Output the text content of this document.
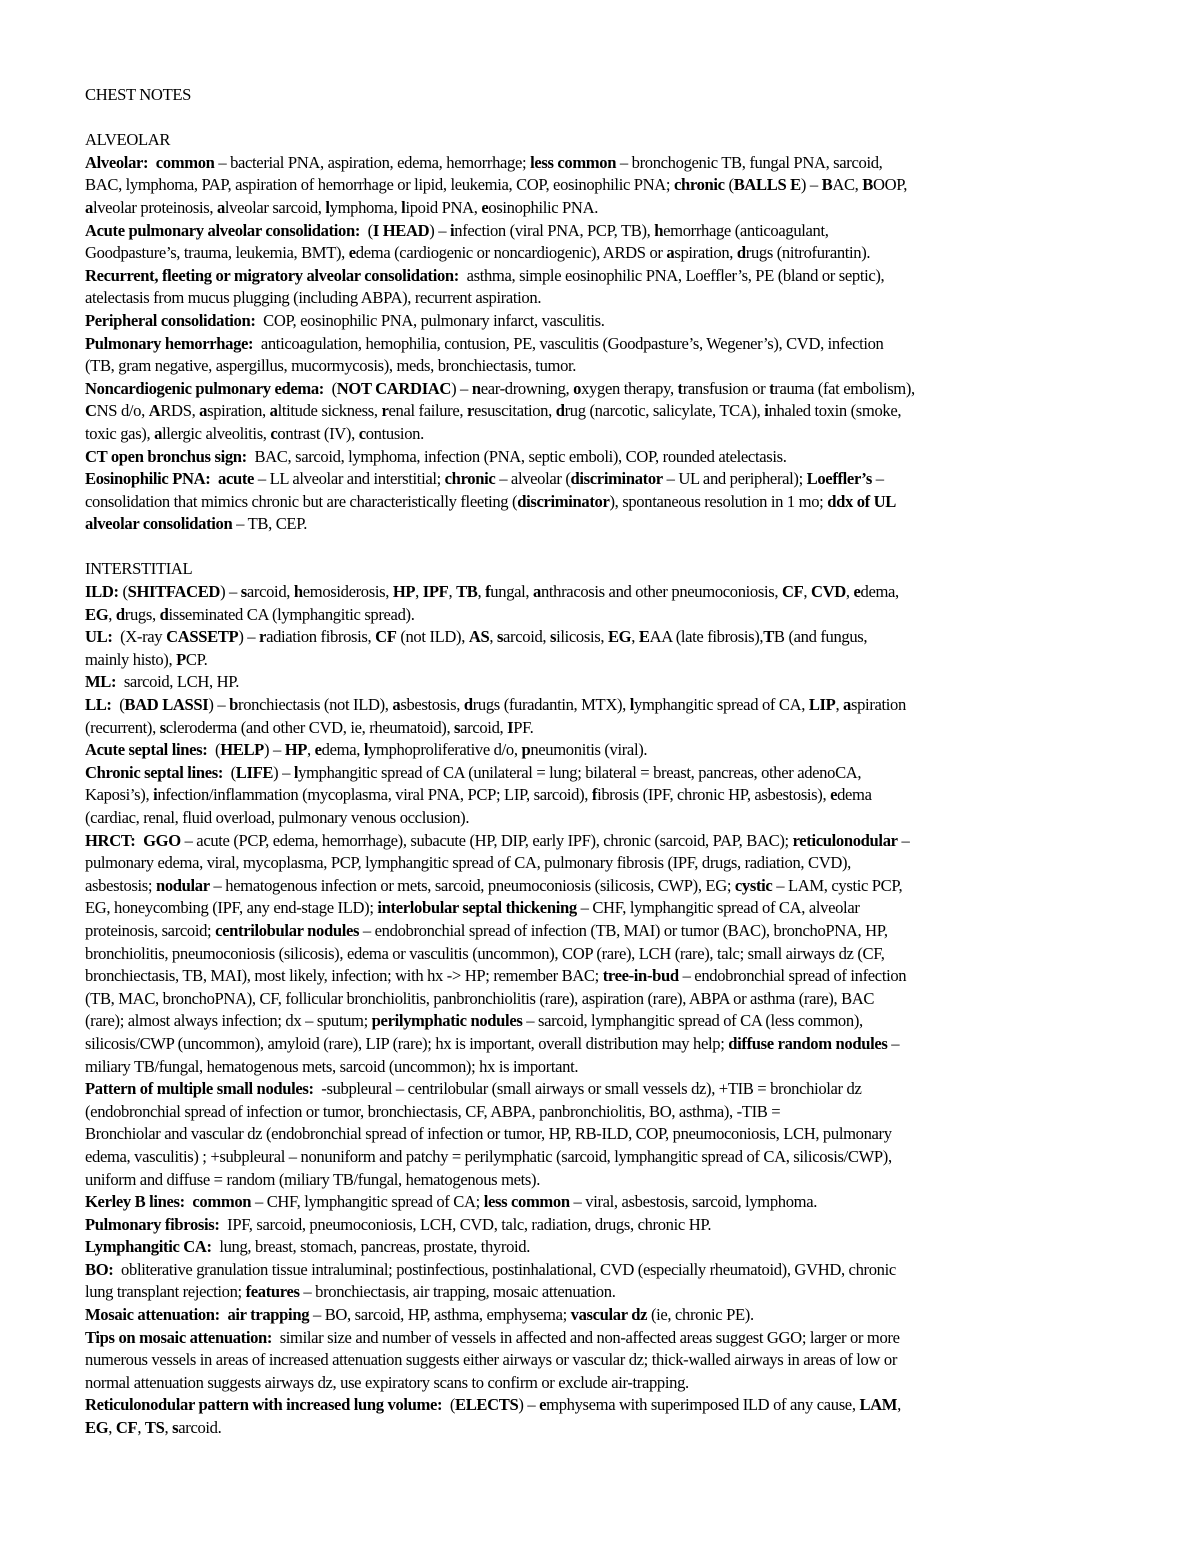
CHEST NOTES
ALVEOLAR
Alveolar:  common – bacterial PNA, aspiration, edema, hemorrhage; less common – bronchogenic TB, fungal PNA, sarcoid,
BAC, lymphoma, PAP, aspiration of hemorrhage or lipid, leukemia, COP, eosinophilic PNA; chronic (BALLS E) – BAC, BOOP,
alveolar proteinosis, alveolar sarcoid, lymphoma, lipoid PNA, eosinophilic PNA.
Acute pulmonary alveolar consolidation:  (I HEAD) – infection (viral PNA, PCP, TB), hemorrhage (anticoagulant,
Goodpasture’s, trauma, leukemia, BMT), edema (cardiogenic or noncardiogenic), ARDS or aspiration, drugs (nitrofurantin).
Recurrent, fleeting or migratory alveolar consolidation:  asthma, simple eosinophilic PNA, Loeffler’s, PE (bland or septic),
atelectasis from mucus plugging (including ABPA), recurrent aspiration.
Peripheral consolidation:  COP, eosinophilic PNA, pulmonary infarct, vasculitis.
Pulmonary hemorrhage:  anticoagulation, hemophilia, contusion, PE, vasculitis (Goodpasture’s, Wegener’s), CVD, infection
(TB, gram negative, aspergillus, mucormycosis), meds, bronchiectasis, tumor.
Noncardiogenic pulmonary edema:  (NOT CARDIAC) – near-drowning, oxygen therapy, transfusion or trauma (fat embolism),
CNS d/o, ARDS, aspiration, altitude sickness, renal failure, resuscitation, drug (narcotic, salicylate, TCA), inhaled toxin (smoke,
toxic gas), allergic alveolitis, contrast (IV), contusion.
CT open bronchus sign:  BAC, sarcoid, lymphoma, infection (PNA, septic emboli), COP, rounded atelectasis.
Eosinophilic PNA:  acute – LL alveolar and interstitial; chronic – alveolar (discriminator – UL and peripheral); Loeffler’s –
consolidation that mimics chronic but are characteristically fleeting (discriminator), spontaneous resolution in 1 mo; ddx of UL
alveolar consolidation – TB, CEP.
INTERSTITIAL
ILD: (SHITFACED) – sarcoid, hemosiderosis, HP, IPF, TB, fungal, anthracosis and other pneumoconiosis, CF, CVD, edema,
EG, drugs, disseminated CA (lymphangitic spread).
UL:  (X-ray CASSETP) – radiation fibrosis, CF (not ILD), AS, sarcoid, silicosis, EG, EAA (late fibrosis),TB (and fungus,
mainly histo), PCP.
ML:  sarcoid, LCH, HP.
LL:  (BAD LASSI) – bronchiectasis (not ILD), asbestosis, drugs (furadantin, MTX), lymphangitic spread of CA, LIP, aspiration
(recurrent), scleroderma (and other CVD, ie, rheumatoid), sarcoid, IPF.
Acute septal lines:  (HELP) – HP, edema, lymphoproliferative d/o, pneumonitis (viral).
Chronic septal lines:  (LIFE) – lymphangitic spread of CA (unilateral = lung; bilateral = breast, pancreas, other adenoCA,
Kaposi’s), infection/inflammation (mycoplasma, viral PNA, PCP; LIP, sarcoid), fibrosis (IPF, chronic HP, asbestosis), edema
(cardiac, renal, fluid overload, pulmonary venous occlusion).
HRCT:  GGO – acute (PCP, edema, hemorrhage), subacute (HP, DIP, early IPF), chronic (sarcoid, PAP, BAC); reticulonodular –
pulmonary edema, viral, mycoplasma, PCP, lymphangitic spread of CA, pulmonary fibrosis (IPF, drugs, radiation, CVD),
asbestosis; nodular – hematogenous infection or mets, sarcoid, pneumoconiosis (silicosis, CWP), EG; cystic – LAM, cystic PCP,
EG, honeycombing (IPF, any end-stage ILD); interlobular septal thickening – CHF, lymphangitic spread of CA, alveolar
proteinosis, sarcoid; centrilobular nodules – endobronchial spread of infection (TB, MAI) or tumor (BAC), bronchoPNA, HP,
bronchiolitis, pneumoconiosis (silicosis), edema or vasculitis (uncommon), COP (rare), LCH (rare), talc; small airways dz (CF,
bronchiectasis, TB, MAI), most likely, infection; with hx -> HP; remember BAC; tree-in-bud – endobronchial spread of infection
(TB, MAC, bronchoPNA), CF, follicular bronchiolitis, panbronchiolitis (rare), aspiration (rare), ABPA or asthma (rare), BAC
(rare); almost always infection; dx – sputum; perilymphatic nodules – sarcoid, lymphangitic spread of CA (less common),
silicosis/CWP (uncommon), amyloid (rare), LIP (rare); hx is important, overall distribution may help; diffuse random nodules –
miliary TB/fungal, hematogenous mets, sarcoid (uncommon); hx is important.
Pattern of multiple small nodules:  -subpleural – centrilobular (small airways or small vessels dz), +TIB = bronchiolar dz
(endobronchial spread of infection or tumor, bronchiectasis, CF, ABPA, panbronchiolitis, BO, asthma), -TIB =
Bronchiolar and vascular dz (endobronchial spread of infection or tumor, HP, RB-ILD, COP, pneumoconiosis, LCH, pulmonary
edema, vasculitis) ; +subpleural – nonuniform and patchy = perilymphatic (sarcoid, lymphangitic spread of CA, silicosis/CWP),
uniform and diffuse = random (miliary TB/fungal, hematogenous mets).
Kerley B lines:  common – CHF, lymphangitic spread of CA; less common – viral, asbestosis, sarcoid, lymphoma.
Pulmonary fibrosis:  IPF, sarcoid, pneumoconiosis, LCH, CVD, talc, radiation, drugs, chronic HP.
Lymphangitic CA:  lung, breast, stomach, pancreas, prostate, thyroid.
BO:  obliterative granulation tissue intraluminal; postinfectious, postinhalational, CVD (especially rheumatoid), GVHD, chronic
lung transplant rejection; features – bronchiectasis, air trapping, mosaic attenuation.
Mosaic attenuation:  air trapping – BO, sarcoid, HP, asthma, emphysema; vascular dz (ie, chronic PE).
Tips on mosaic attenuation:  similar size and number of vessels in affected and non-affected areas suggest GGO; larger or more
numerous vessels in areas of increased attenuation suggests either airways or vascular dz; thick-walled airways in areas of low or
normal attenuation suggests airways dz, use expiratory scans to confirm or exclude air-trapping.
Reticulonodular pattern with increased lung volume:  (ELECTS) – emphysema with superimposed ILD of any cause, LAM,
EG, CF, TS, sarcoid.
